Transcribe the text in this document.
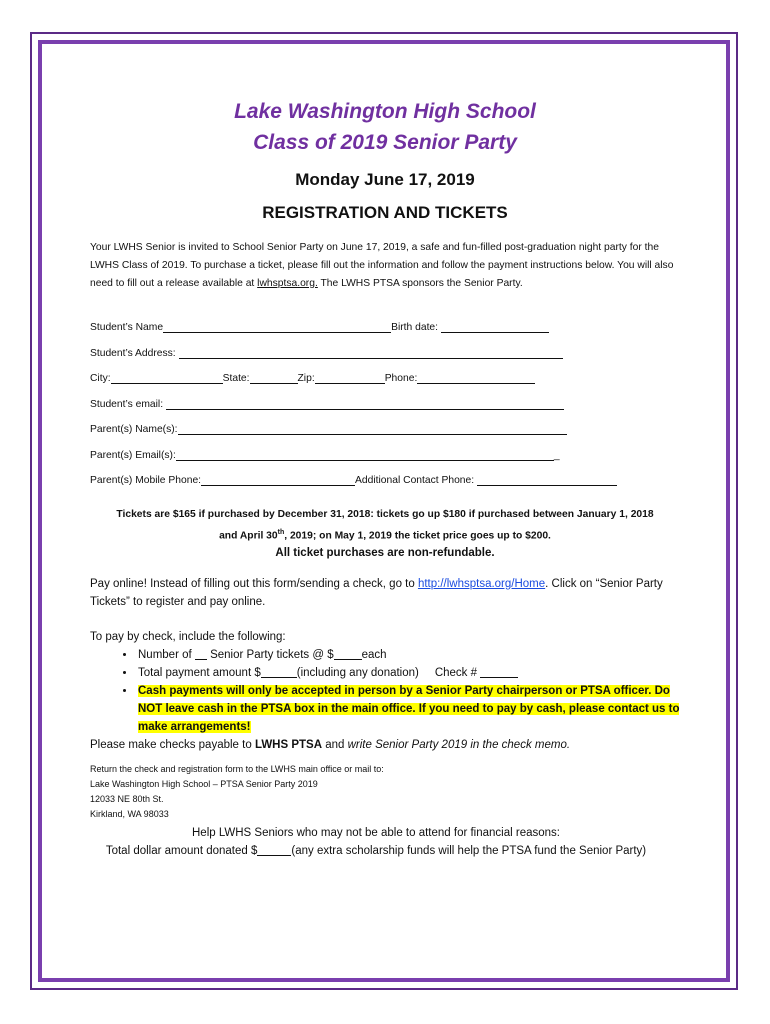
Lake Washington High School
Class of 2019 Senior Party
Monday June 17, 2019
REGISTRATION AND TICKETS
Your LWHS Senior is invited to School Senior Party on June 17, 2019, a safe and fun-filled post-graduation night party for the LWHS Class of 2019. To purchase a ticket, please fill out the information and follow the payment instructions below. You will also need to fill out a release available at lwhsptsa.org. The LWHS PTSA sponsors the Senior Party.
Student’s Name	Birth date:
Student’s Address:
City:	State:	Zip:	Phone:
Student’s email:
Parent(s) Name(s):
Parent(s) Email(s):	_
Parent(s) Mobile Phone:	Additional Contact Phone:
Tickets are $165 if purchased by December 31, 2018: tickets go up $180 if purchased between January 1, 2018
and April 30th, 2019; on May 1, 2019 the ticket price goes up to $200.
All ticket purchases are non-refundable.
Pay online! Instead of filling out this form/sending a check, go to http://lwhsptsa.org/Home. Click on “Senior Party Tickets” to register and pay online.
To pay by check, include the following:
• Number of  Senior Party tickets @ $ each
• Total payment amount $	(including any donation)     Check #
• Cash payments will only be accepted in person by a Senior Party chairperson or PTSA officer. Do NOT leave cash in the PTSA box in the main office. If you need to pay by cash, please contact us to make arrangements!
Please make checks payable to LWHS PTSA and write Senior Party 2019 in the check memo.
Return the check and registration form to the LWHS main office or mail to:
Lake Washington High School – PTSA Senior Party 2019
12033 NE 80th St.
Kirkland, WA 98033
Help LWHS Seniors who may not be able to attend for financial reasons:
Total dollar amount donated $	(any extra scholarship funds will help the PTSA fund the Senior Party)
